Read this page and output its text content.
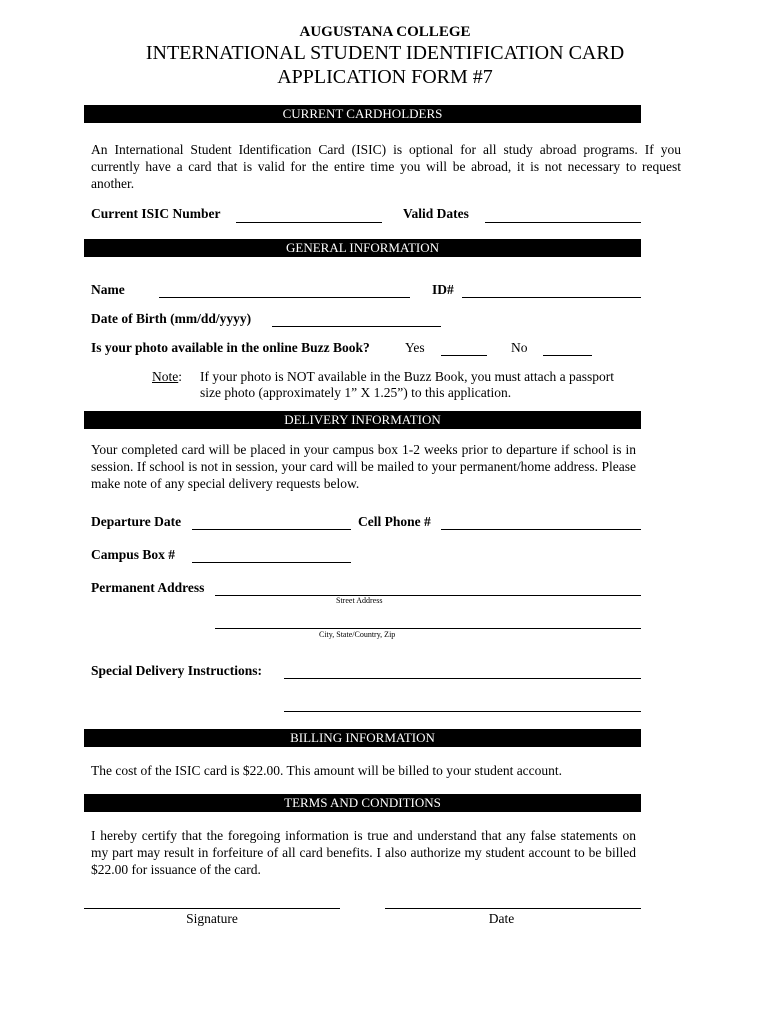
AUGUSTANA COLLEGE
INTERNATIONAL STUDENT IDENTIFICATION CARD
APPLICATION FORM #7
CURRENT CARDHOLDERS
An International Student Identification Card (ISIC) is optional for all study abroad programs. If you currently have a card that is valid for the entire time you will be abroad, it is not necessary to request another.
Current ISIC Number	Valid Dates
GENERAL INFORMATION
Name	ID#
Date of Birth (mm/dd/yyyy)
Is your photo available in the online Buzz Book?	Yes	No
Note: If your photo is NOT available in the Buzz Book, you must attach a passport
size photo (approximately 1” X 1.25”) to this application.
DELIVERY INFORMATION
Your completed card will be placed in your campus box 1-2 weeks prior to departure if school is in session. If school is not in session, your card will be mailed to your permanent/home address. Please make note of any special delivery requests below.
Departure Date	Cell Phone #
Campus Box #
Permanent Address
Street Address
City, State/Country, Zip
Special Delivery Instructions:
BILLING INFORMATION
The cost of the ISIC card is $22.00. This amount will be billed to your student account.
TERMS AND CONDITIONS
I hereby certify that the foregoing information is true and understand that any false statements on my part may result in forfeiture of all card benefits. I also authorize my student account to be billed $22.00 for issuance of the card.
Signature	Date
